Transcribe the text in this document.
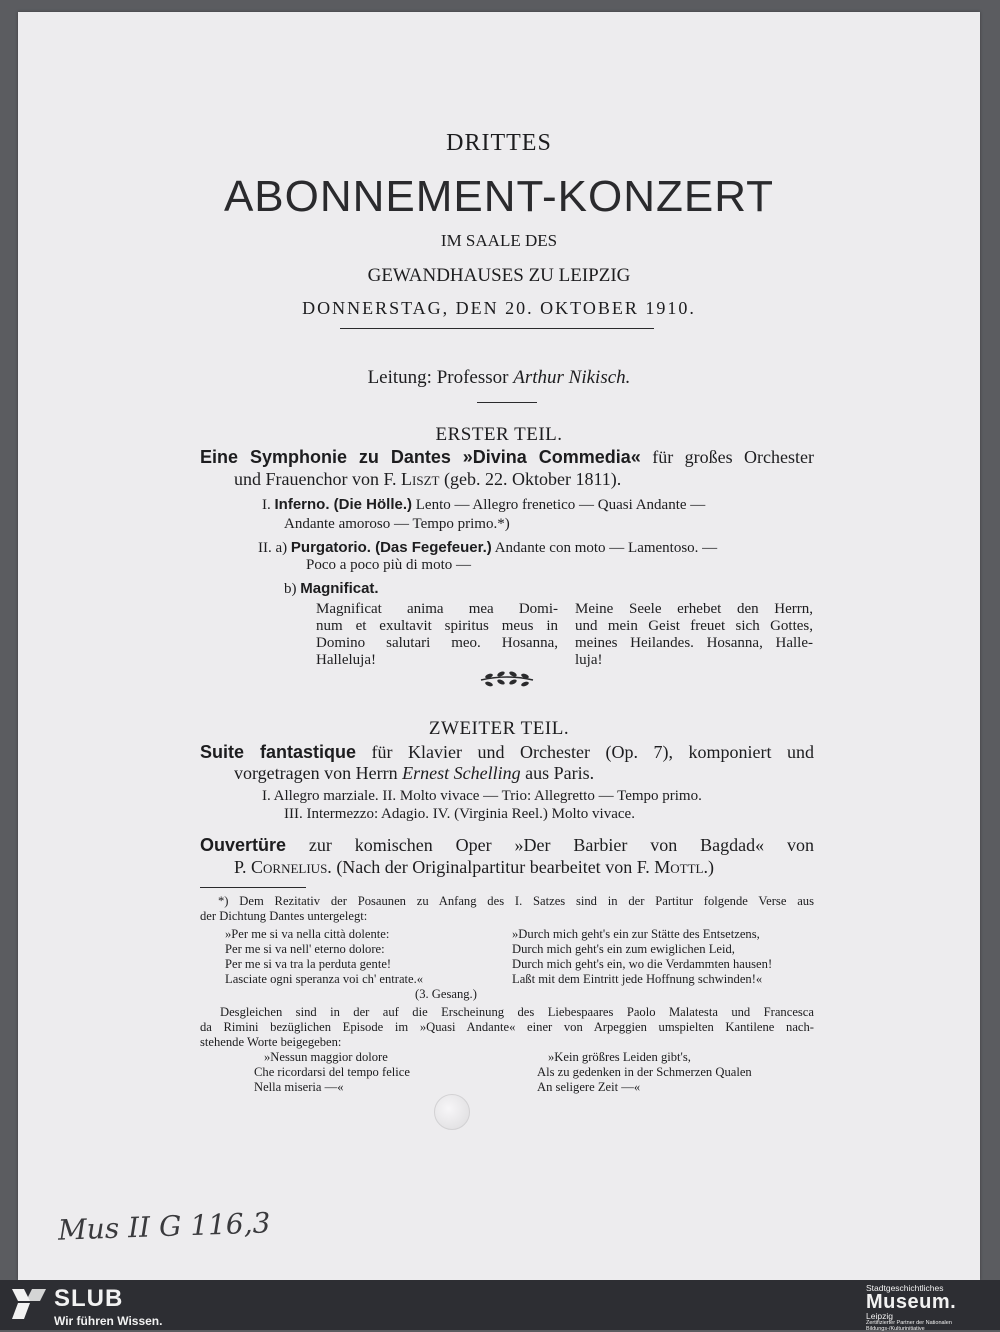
DRITTES
ABONNEMENT-KONZERT
IM SAALE DES
GEWANDHAUSES ZU LEIPZIG
DONNERSTAG, DEN 20. OKTOBER 1910.
Leitung: Professor Arthur Nikisch.
ERSTER TEIL.
Eine Symphonie zu Dantes »Divina Commedia« für großes Orchester
und Frauenchor von F. Liszt (geb. 22. Oktober 1811).
I. Inferno. (Die Hölle.) Lento — Allegro frenetico — Quasi Andante —
Andante amoroso — Tempo primo.*)
II. a) Purgatorio. (Das Fegefeuer.) Andante con moto — Lamentoso. —
Poco a poco più di moto —
b) Magnificat.
Magnificat anima mea Domi-
num et exultavit spiritus meus in
Domino salutari meo. Hosanna,
Halleluja!
Meine Seele erhebet den Herrn,
und mein Geist freuet sich Gottes,
meines Heilandes. Hosanna, Halle-
luja!
ZWEITER TEIL.
Suite fantastique für Klavier und Orchester (Op. 7), komponiert und
vorgetragen von Herrn Ernest Schelling aus Paris.
I. Allegro marziale. II. Molto vivace — Trio: Allegretto — Tempo primo.
III. Intermezzo: Adagio. IV. (Virginia Reel.) Molto vivace.
Ouvertüre zur komischen Oper »Der Barbier von Bagdad« von
P. Cornelius. (Nach der Originalpartitur bearbeitet von F. Mottl.)
*) Dem Rezitativ der Posaunen zu Anfang des I. Satzes sind in der Partitur folgende Verse aus
der Dichtung Dantes untergelegt:
»Per me si va nella città dolente:
Per me si va nell' eterno dolore:
Per me si va tra la perduta gente!
Lasciate ogni speranza voi ch' entrate.«
(3. Gesang.)
»Durch mich geht's ein zur Stätte des Entsetzens,
Durch mich geht's ein zum ewiglichen Leid,
Durch mich geht's ein, wo die Verdammten hausen!
Laßt mit dem Eintritt jede Hoffnung schwinden!«
Desgleichen sind in der auf die Erscheinung des Liebespaares Paolo Malatesta und Francesca
da Rimini bezüglichen Episode im »Quasi Andante« einer von Arpeggien umspielten Kantilene nach-
stehende Worte beigegeben:
»Nessun maggior dolore
Che ricordarsi del tempo felice
Nella miseria —«
»Kein größres Leiden gibt's,
Als zu gedenken in der Schmerzen Qualen
An seligere Zeit —«
Mus II G 116,3
SLUB
Wir führen Wissen.
Stadtgeschichtliches
Museum.
Leipzig
Zertifizierter Partner der Nationalen Bildungs-/Kulturinitiative
